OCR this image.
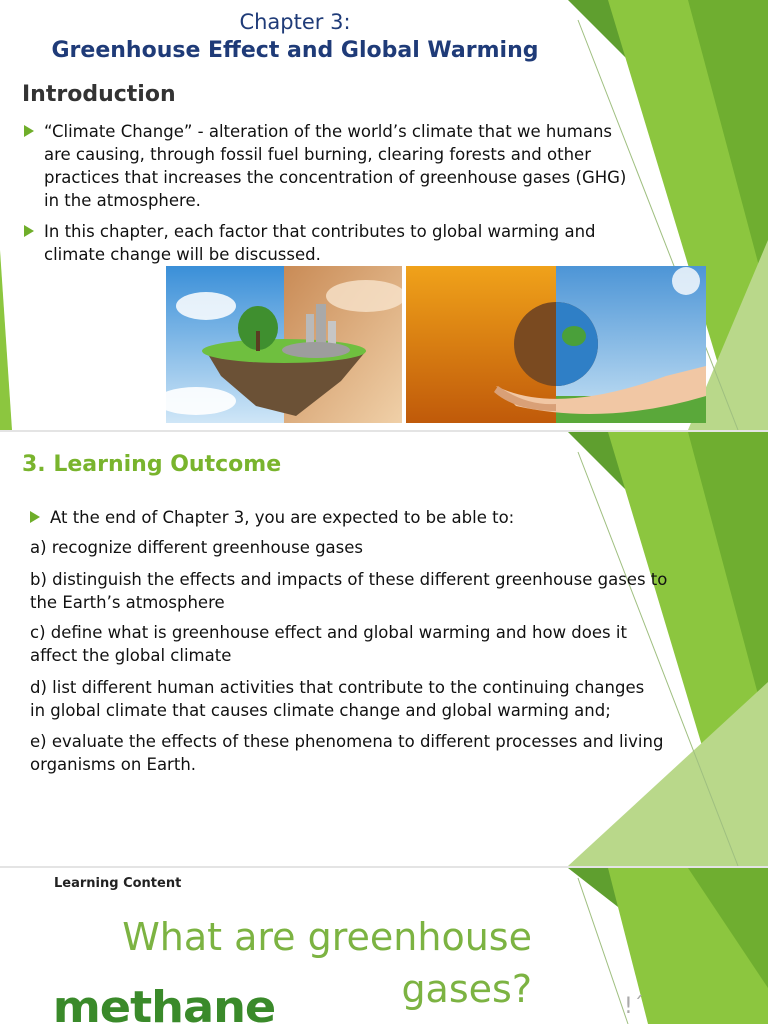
Chapter 3:
Greenhouse Effect and Global Warming
Introduction
“Climate Change” - alteration of the world’s climate that we humans
are causing, through fossil fuel burning, clearing forests and other
practices that increases the concentration of greenhouse gases (GHG)
in the atmosphere.
In this chapter, each factor that contributes to global warming and
climate change will be discussed.
3. Learning Outcome
At the end of Chapter 3, you are expected to be able to:
a) recognize different greenhouse gases
b) distinguish the effects and impacts of these different greenhouse gases to
the Earth’s atmosphere
c) define what is greenhouse effect and global warming and how does it
affect the global climate
d) list different human activities that contribute to the continuing changes
in global climate that causes climate change and global warming and;
e) evaluate the effects of these phenomena to different processes and living
organisms on Earth.
Learning Content
What are greenhouse
gases?
methane	!´
